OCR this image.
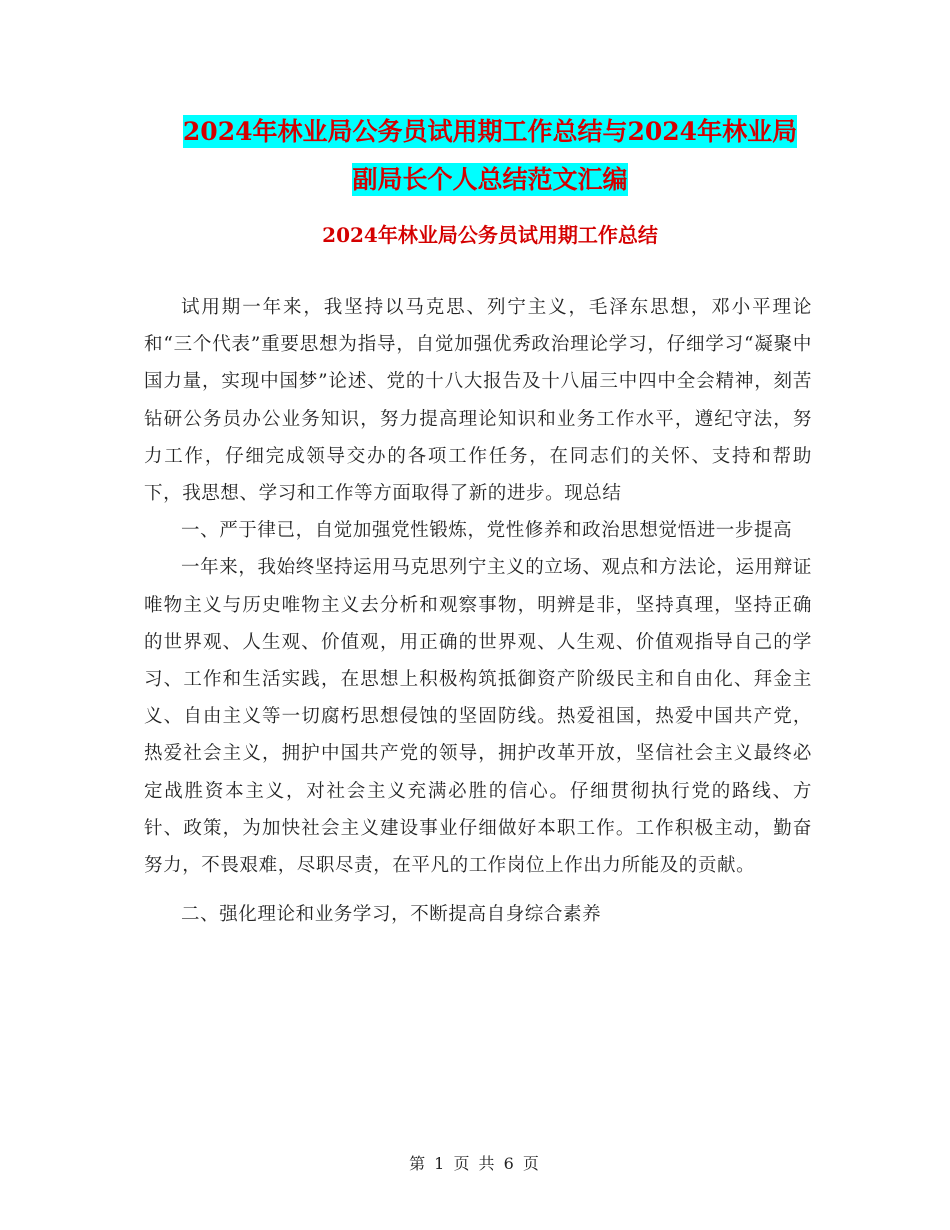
2024年林业局公务员试用期工作总结与2024年林业局
副局长个人总结范文汇编
2024年林业局公务员试用期工作总结

试用期一年来，我坚持以马克思、列宁主义，毛泽东思想，邓小平理论和“三个代表”重要思想为指导，自觉加强优秀政治理论学习，仔细学习“凝聚中国力量，实现中国梦”论述、党的十八大报告及十八届三中四中全会精神，刻苦钻研公务员办公业务知识，努力提高理论知识和业务工作水平，遵纪守法，努力工作，仔细完成领导交办的各项工作任务，在同志们的关怀、支持和帮助下，我思想、学习和工作等方面取得了新的进步。现总结

一、严于律已，自觉加强党性锻炼，党性修养和政治思想觉悟进一步提高

一年来，我始终坚持运用马克思列宁主义的立场、观点和方法论，运用辩证唯物主义与历史唯物主义去分析和观察事物，明辨是非，坚持真理，坚持正确的世界观、人生观、价值观，用正确的世界观、人生观、价值观指导自己的学习、工作和生活实践，在思想上积极构筑抵御资产阶级民主和自由化、拜金主义、自由主义等一切腐朽思想侵蚀的坚固防线。热爱祖国，热爱中国共产党，热爱社会主义，拥护中国共产党的领导，拥护改革开放，坚信社会主义最终必定战胜资本主义，对社会主义充满必胜的信心。仔细贯彻执行党的路线、方针、政策，为加快社会主义建设事业仔细做好本职工作。工作积极主动，勤奋努力，不畏艰难，尽职尽责，在平凡的工作岗位上作出力所能及的贡献。

二、强化理论和业务学习，不断提高自身综合素养

第 1 页 共 6 页
